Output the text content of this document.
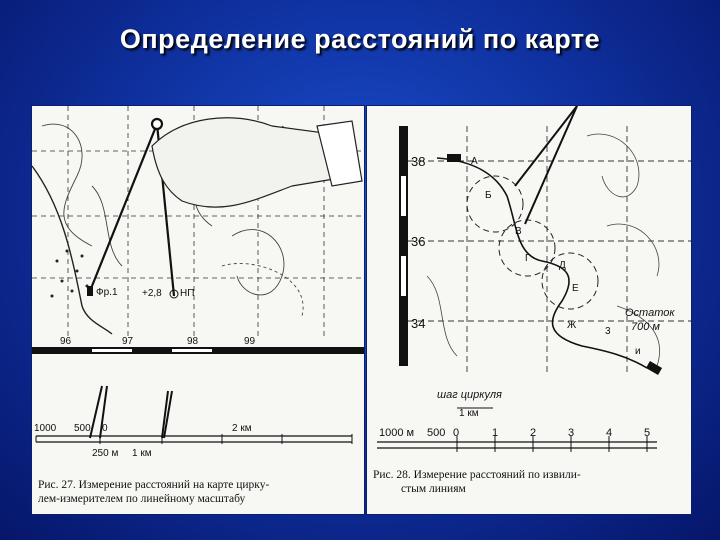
Определение расстояний по карте
Фр.1 +2,8 НП
96	97	98	99
1000 500 0	2 км
250 м 1 км
Рис. 27. Измерение расстояний на карте цирку-
лем-измерителем по линейному масштабу
38
36
34
А
Б
В
Г
Д
Е
Ж
3
и
Остаток
700 м
шаг циркуля
1 км
1000 м 500 0	1	2	3	4	5
Рис. 28. Измерение расстояний по извили-
стым линиям
